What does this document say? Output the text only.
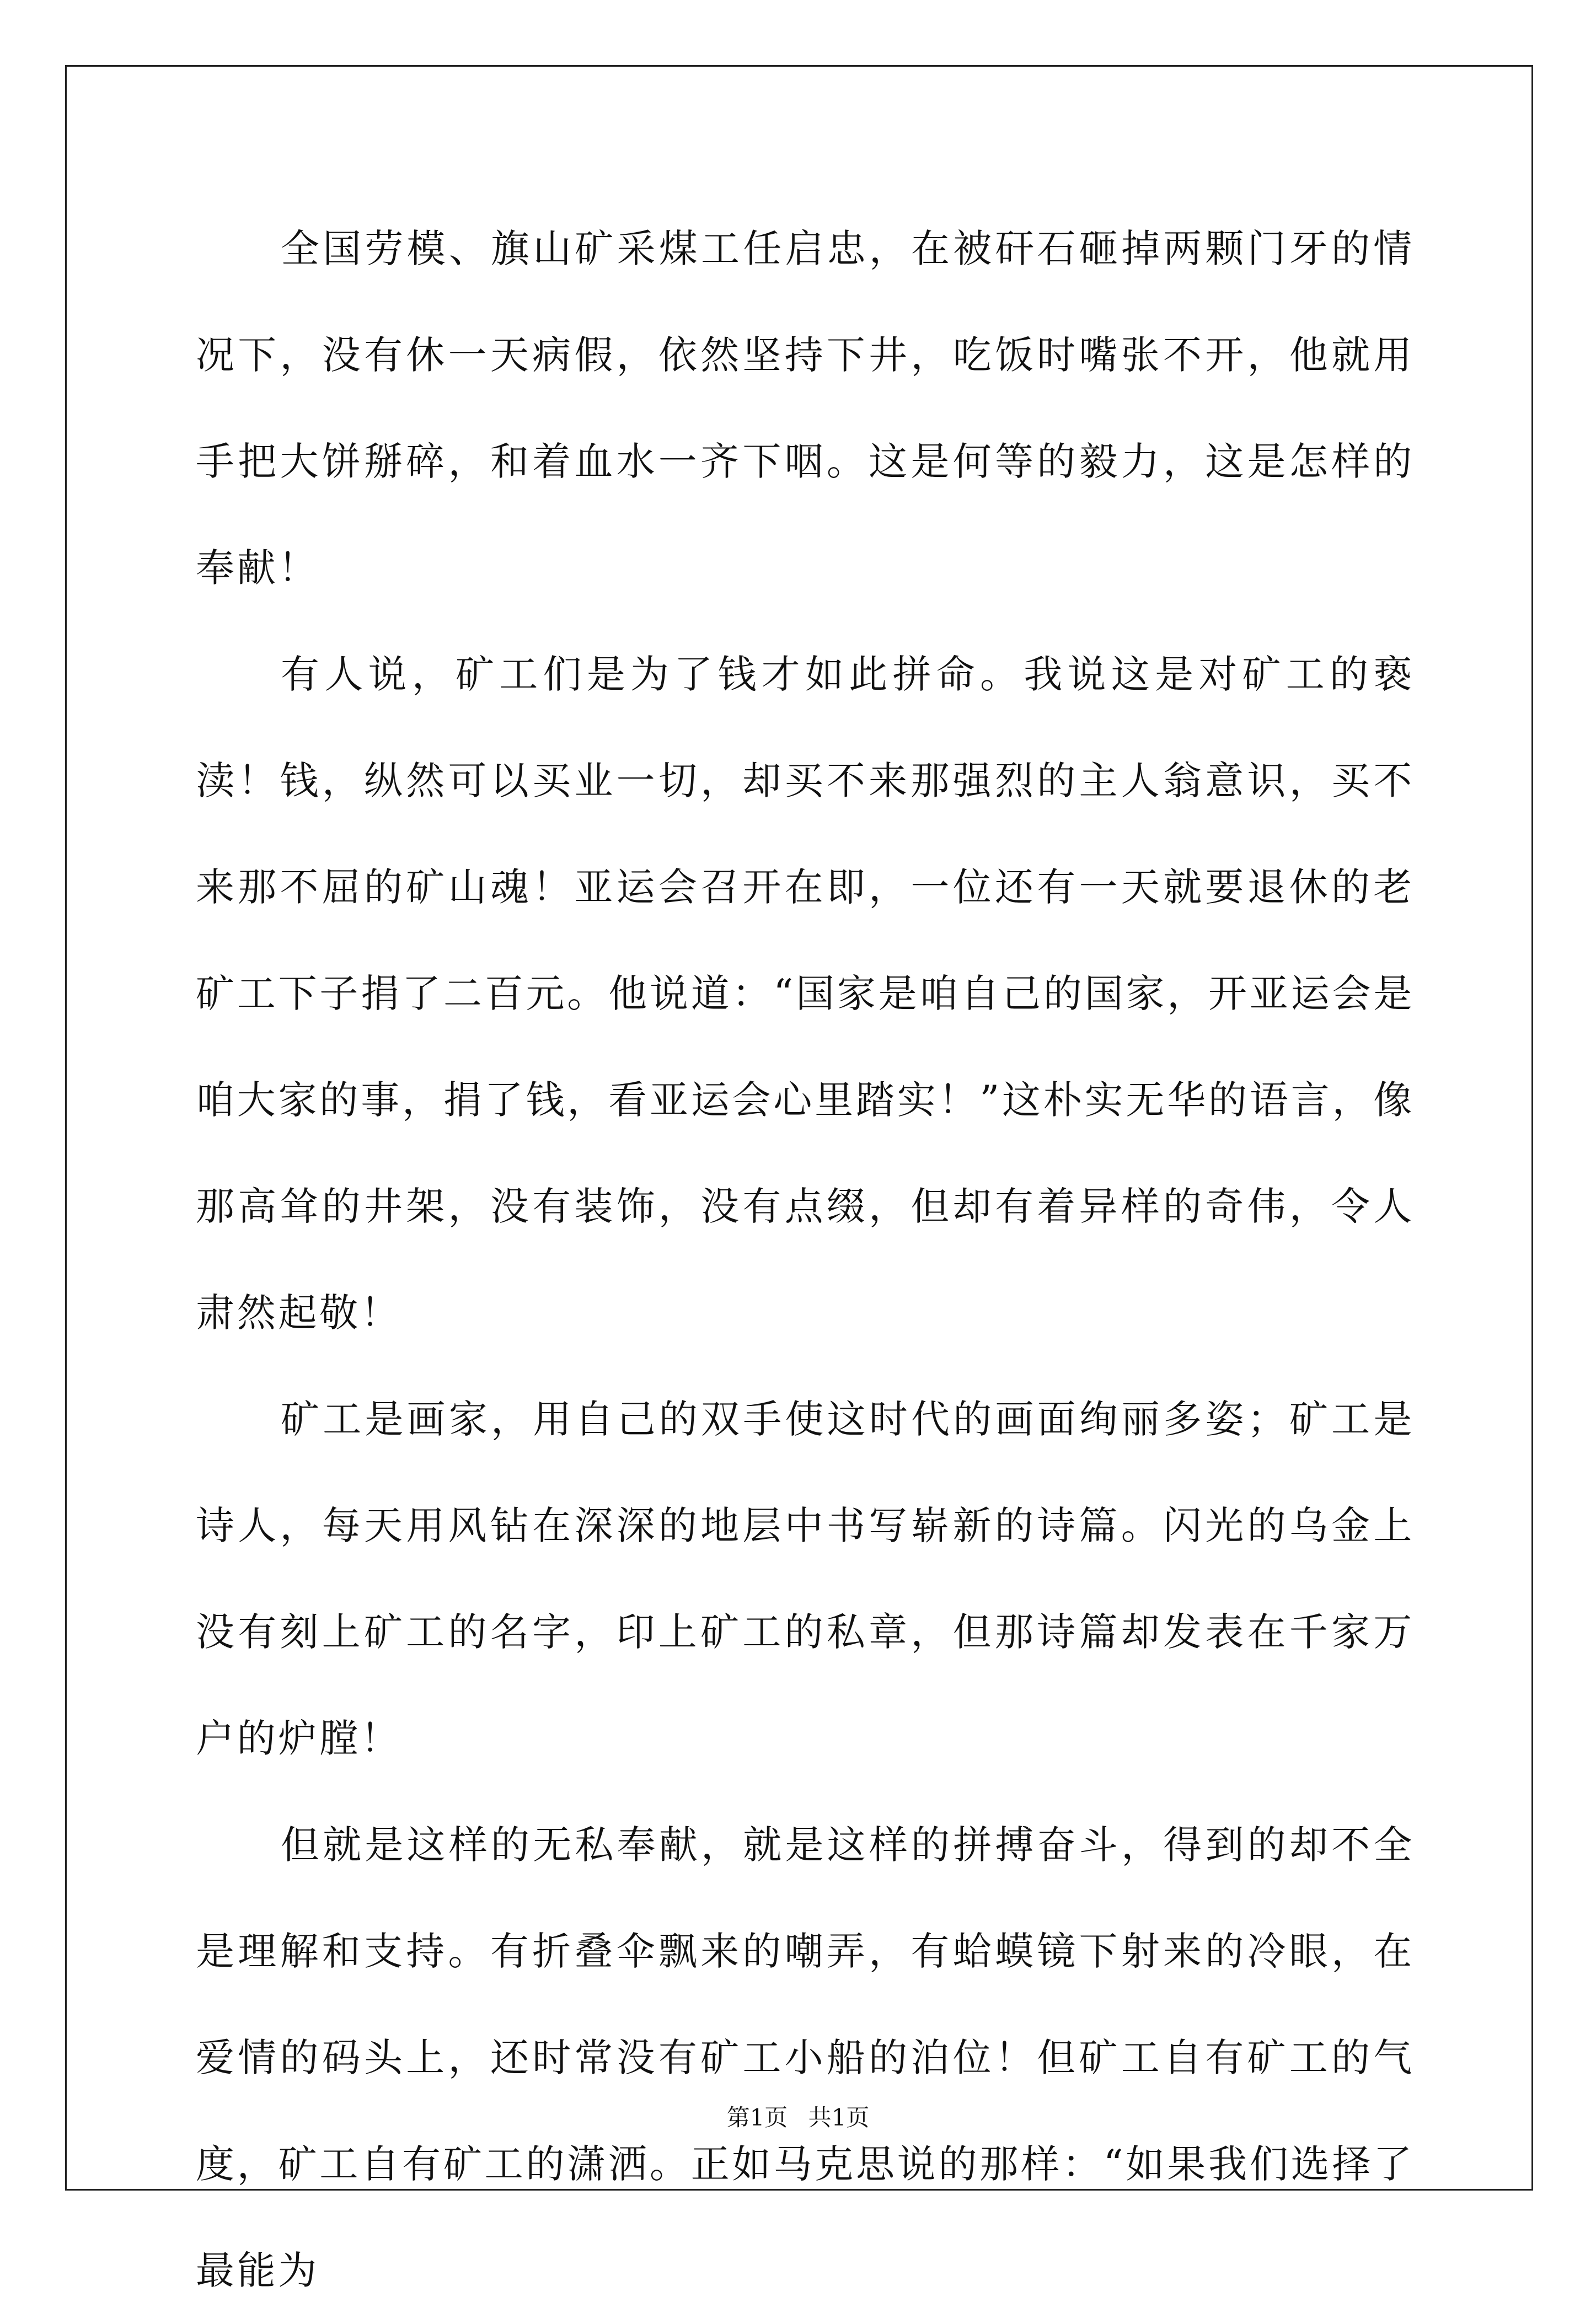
全国劳模、旗山矿采煤工任启忠，在被矸石砸掉两颗门牙的情况下，没有休一天病假，依然坚持下井，吃饭时嘴张不开，他就用手把大饼掰碎，和着血水一齐下咽。这是何等的毅力，这是怎样的奉献！

有人说，矿工们是为了钱才如此拼命。我说这是对矿工的亵渎！钱，纵然可以买业一切，却买不来那强烈的主人翁意识，买不来那不屈的矿山魂！亚运会召开在即，一位还有一天就要退休的老矿工下子捐了二百元。他说道：“国家是咱自己的国家，开亚运会是咱大家的事，捐了钱，看亚运会心里踏实！”这朴实无华的语言，像那高耸的井架，没有装饰，没有点缀，但却有着异样的奇伟，令人肃然起敬！

矿工是画家，用自己的双手使这时代的画面绚丽多姿；矿工是诗人，每天用风钻在深深的地层中书写崭新的诗篇。闪光的乌金上没有刻上矿工的名字，印上矿工的私章，但那诗篇却发表在千家万户的炉膛！

但就是这样的无私奉献，就是这样的拼搏奋斗，得到的却不全是理解和支持。有折叠伞飘来的嘲弄，有蛤蟆镜下射来的冷眼，在爱情的码头上，还时常没有矿工小船的泊位！但矿工自有矿工的气度，矿工自有矿工的潇洒。正如马克思说的那样：“如果我们选择了最能为

第1页 共1页
